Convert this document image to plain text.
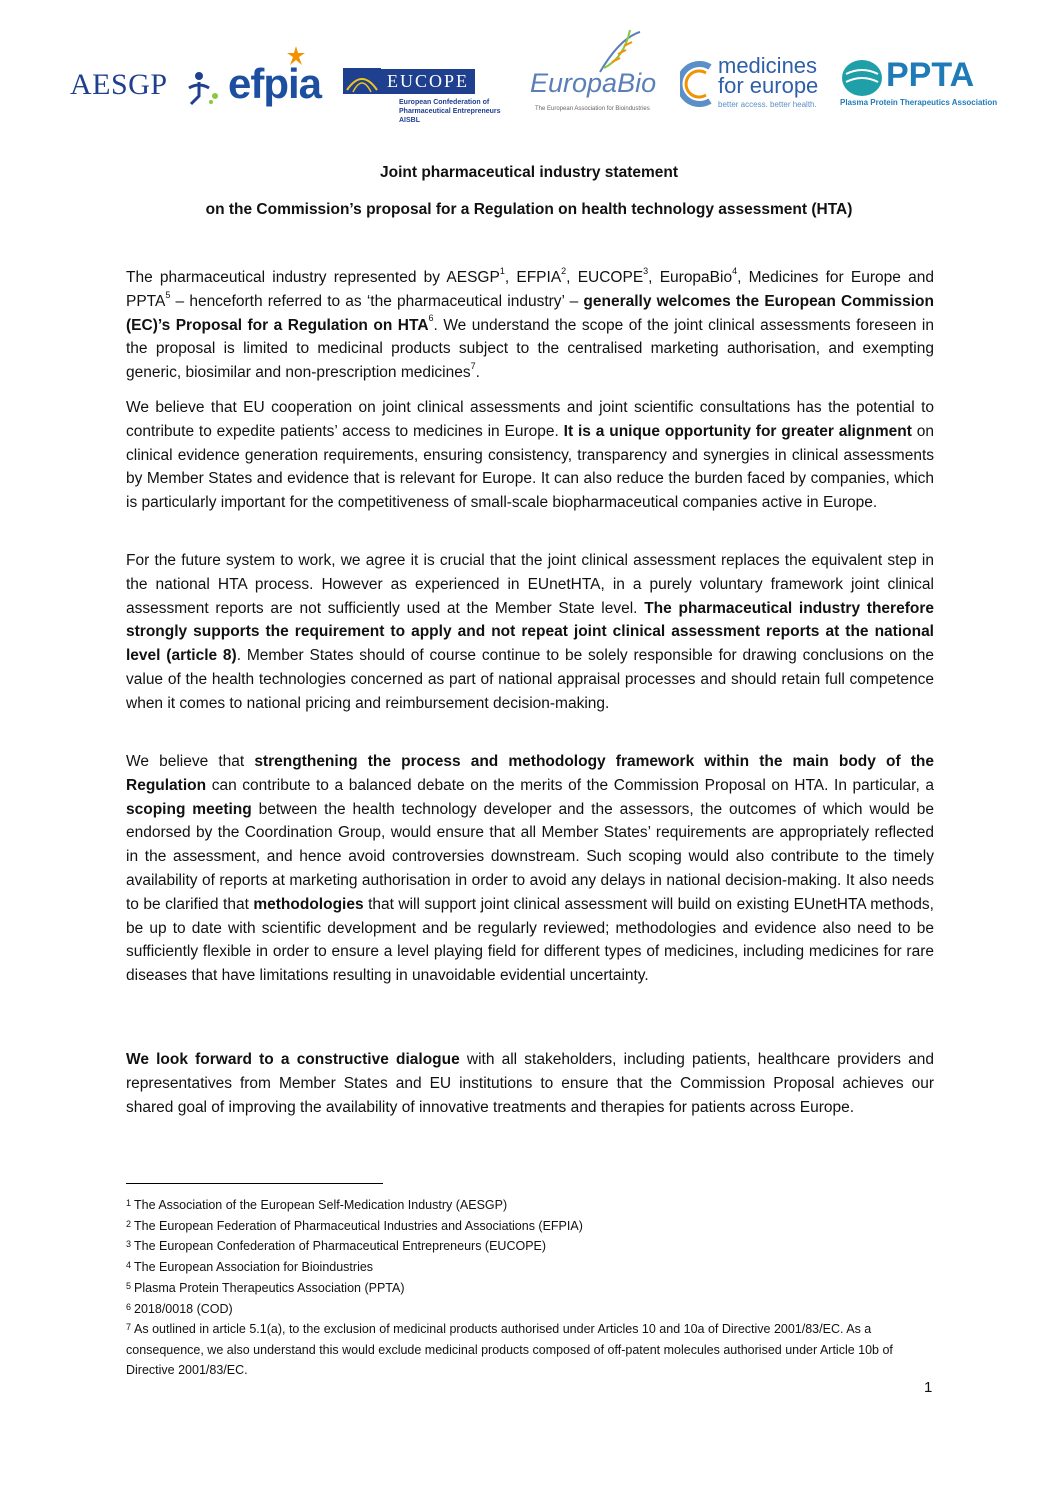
AESGP efpia	EUCOPE
European Confederation of Pharmaceutical Entrepreneurs AISBL
EuropaBio
The European Association for Bioindustries
medicines
for europe
better access. better health.
PPTA
Plasma Protein Therapeutics Association
Joint pharmaceutical industry statement
on the Commission’s proposal for a Regulation on health technology assessment (HTA)

The pharmaceutical industry represented by AESGP$^1$, EFPIA$^2$, EUCOPE$^3$, EuropaBio$^4$, Medicines for Europe and PPTA$^5$ – henceforth referred to as ‘the pharmaceutical industry’ – generally welcomes the European Commission (EC)’s Proposal for a Regulation on HTA$^6$. We understand the scope of the joint clinical assessments foreseen in the proposal is limited to medicinal products subject to the centralised marketing authorisation, and exempting generic, biosimilar and non-prescription medicines$^7$.

We believe that EU cooperation on joint clinical assessments and joint scientific consultations has the potential to contribute to expedite patients’ access to medicines in Europe. It is a unique opportunity for greater alignment on clinical evidence generation requirements, ensuring consistency, transparency and synergies in clinical assessments by Member States and evidence that is relevant for Europe. It can also reduce the burden faced by companies, which is particularly important for the competitiveness of small-scale biopharmaceutical companies active in Europe.

For the future system to work, we agree it is crucial that the joint clinical assessment replaces the equivalent step in the national HTA process. However as experienced in EUnetHTA, in a purely voluntary framework joint clinical assessment reports are not sufficiently used at the Member State level. The pharmaceutical industry therefore strongly supports the requirement to apply and not repeat joint clinical assessment reports at the national level (article 8). Member States should of course continue to be solely responsible for drawing conclusions on the value of the health technologies concerned as part of national appraisal processes and should retain full competence when it comes to national pricing and reimbursement decision-making.

We believe that strengthening the process and methodology framework within the main body of the Regulation can contribute to a balanced debate on the merits of the Commission Proposal on HTA. In particular, a scoping meeting between the health technology developer and the assessors, the outcomes of which would be endorsed by the Coordination Group, would ensure that all Member States’ requirements are appropriately reflected in the assessment, and hence avoid controversies downstream. Such scoping would also contribute to the timely availability of reports at marketing authorisation in order to avoid any delays in national decision-making. It also needs to be clarified that methodologies that will support joint clinical assessment will build on existing EUnetHTA methods, be up to date with scientific development and be regularly reviewed; methodologies and evidence also need to be sufficiently flexible in order to ensure a level playing field for different types of medicines, including medicines for rare diseases that have limitations resulting in unavoidable evidential uncertainty.

We look forward to a constructive dialogue with all stakeholders, including patients, healthcare providers and representatives from Member States and EU institutions to ensure that the Commission Proposal achieves our shared goal of improving the availability of innovative treatments and therapies for patients across Europe.

$^1$ The Association of the European Self-Medication Industry (AESGP)
$^2$ The European Federation of Pharmaceutical Industries and Associations (EFPIA)
$^3$ The European Confederation of Pharmaceutical Entrepreneurs (EUCOPE)
$^4$ The European Association for Bioindustries
$^5$ Plasma Protein Therapeutics Association (PPTA)
$^6$ 2018/0018 (COD)
$^7$ As outlined in article 5.1(a), to the exclusion of medicinal products authorised under Articles 10 and 10a of Directive 2001/83/EC. As a consequence, we also understand this would exclude medicinal products composed of off-patent molecules authorised under Article 10b of Directive 2001/83/EC.
1
